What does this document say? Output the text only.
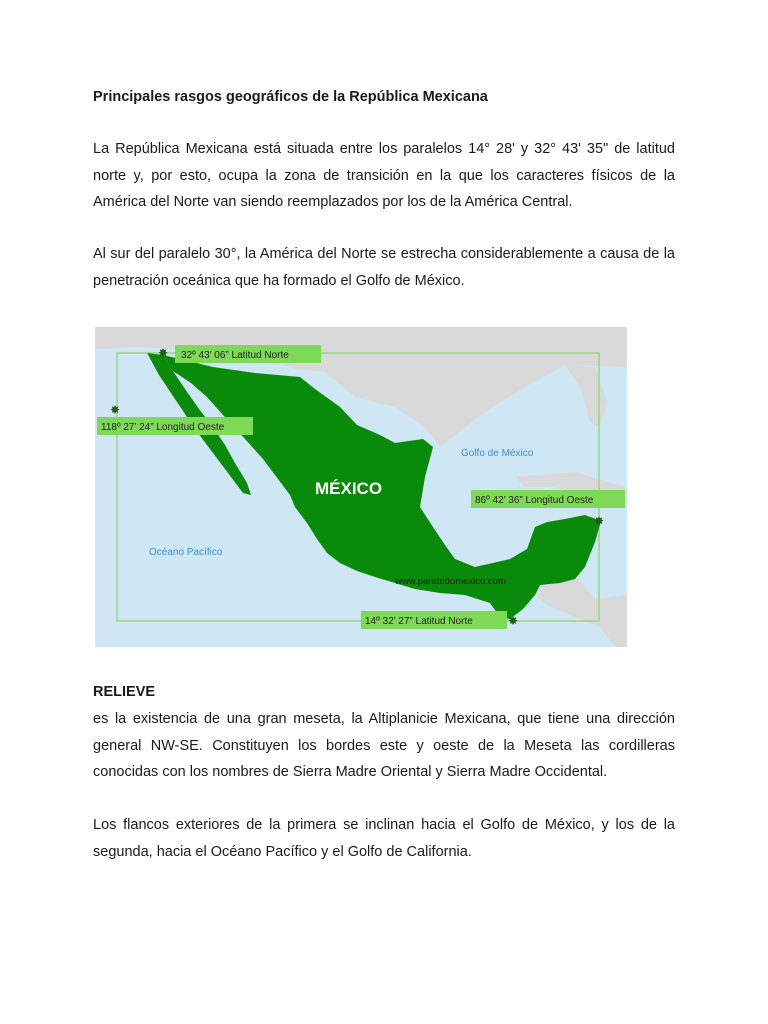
Principales rasgos geográficos de la República Mexicana

La República Mexicana está situada entre los paralelos 14° 28' y 32° 43' 35" de latitud norte y, por esto, ocupa la zona de transición en la que los caracteres físicos de la América del Norte van siendo reemplazados por los de la América Central.

Al sur del paralelo 30°, la América del Norte se estrecha considerablemente a causa de la penetración oceánica que ha formado el Golfo de México.

MÉXICO
Golfo de México
Océano Pacífico
www.paratodomexico.com
✸
✸
✸
✸
32º 43’ 06” Latitud Norte
118º 27’ 24” Longitud Oeste
86º 42’ 36” Longitud Oeste
14º 32’ 27” Latitud Norte
RELIEVE

es la existencia de una gran meseta, la Altiplanicie Mexicana, que tiene una dirección general NW-SE. Constituyen los bordes este y oeste de la Meseta las cordilleras conocidas con los nombres de Sierra Madre Oriental y Sierra Madre Occidental.

Los flancos exteriores de la primera se inclinan hacia el Golfo de México, y los de la segunda, hacia el Océano Pacífico y el Golfo de California.
